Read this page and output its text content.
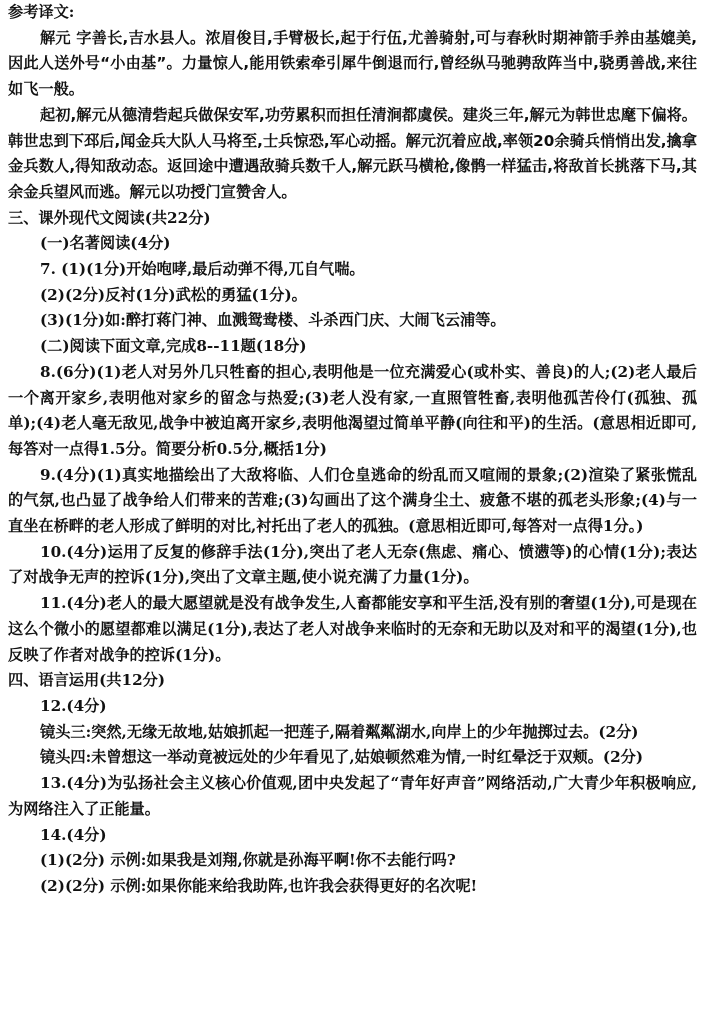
参考译文:

解元 字善长,吉水县人。浓眉俊目,手臂极长,起于行伍,尤善骑射,可与春秋时期神箭手养由基媲美,因此人送外号“小由基”。力量惊人,能用铁索牵引犀牛倒退而行,曾经纵马驰骋敌阵当中,骁勇善战,来往如飞一般。

起初,解元从德清砦起兵做保安军,功劳累积而担任清涧都虞侯。建炎三年,解元为韩世忠麾下偏将。韩世忠到下邳后,闻金兵大队人马将至,士兵惊恐,军心动摇。解元沉着应战,率领20余骑兵悄悄出发,擒拿金兵数人,得知敌动态。返回途中遭遇敌骑兵数千人,解元跃马横枪,像鹘一样猛击,将敌首长挑落下马,其余金兵望风而逃。解元以功授门宣赞舍人。

三、课外现代文阅读(共22分)
(一)名著阅读(4分)
7. (1)(1分)开始咆哮,最后动弹不得,兀自气喘。
(2)(2分)反衬(1分)武松的勇猛(1分)。
(3)(1分)如:醉打蒋门神、血溅鸳鸯楼、斗杀西门庆、大闹飞云浦等。
(二)阅读下面文章,完成8--11题(18分)

8.(6分)(1)老人对另外几只牲畜的担心,表明他是一位充满爱心(或朴实、善良)的人;(2)老人最后一个离开家乡,表明他对家乡的留念与热爱;(3)老人没有家,一直照管牲畜,表明他孤苦伶仃(孤独、孤单);(4)老人毫无敌见,战争中被迫离开家乡,表明他渴望过简单平静(向往和平)的生活。(意思相近即可,每答对一点得1.5分。简要分析0.5分,概括1分)

9.(4分)(1)真实地描绘出了大敌将临、人们仓皇逃命的纷乱而又喧闹的景象;(2)渲染了紧张慌乱的气氛,也凸显了战争给人们带来的苦难;(3)勾画出了这个满身尘土、疲惫不堪的孤老头形象;(4)与一直坐在桥畔的老人形成了鲜明的对比,衬托出了老人的孤独。(意思相近即可,每答对一点得1分。)

10.(4分)运用了反复的修辞手法(1分),突出了老人无奈(焦虑、痛心、愤懑等)的心情(1分);表达了对战争无声的控诉(1分),突出了文章主题,使小说充满了力量(1分)。

11.(4分)老人的最大愿望就是没有战争发生,人畜都能安享和平生活,没有别的奢望(1分),可是现在这么个微小的愿望都难以满足(1分),表达了老人对战争来临时的无奈和无助以及对和平的渴望(1分),也反映了作者对战争的控诉(1分)。

四、语言运用(共12分)
12.(4分)

镜头三:突然,无缘无故地,姑娘抓起一把莲子,隔着粼粼湖水,向岸上的少年抛掷过去。(2分)

镜头四:未曾想这一举动竟被远处的少年看见了,姑娘顿然难为情,一时红晕泛于双颊。(2分)

13.(4分)为弘扬社会主义核心价值观,团中央发起了“青年好声音”网络活动,广大青少年积极响应,为网络注入了正能量。

14.(4分)
(1)(2分) 示例:如果我是刘翔,你就是孙海平啊!你不去能行吗?
(2)(2分) 示例:如果你能来给我助阵,也许我会获得更好的名次呢!
